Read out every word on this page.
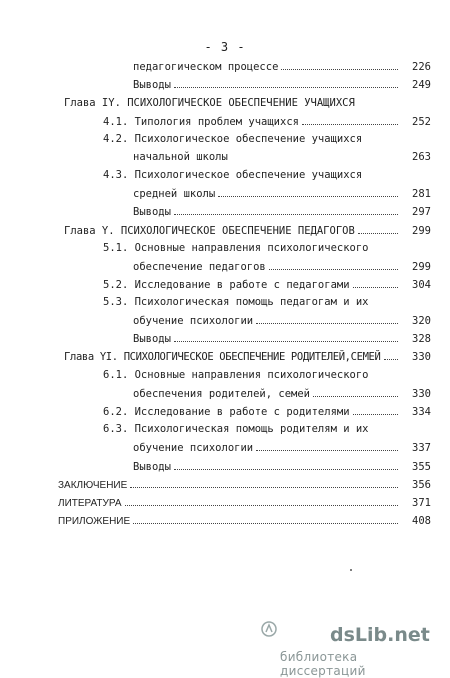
- 3 -
педагогическом процессе	226
Выводы	249
Глава IY. ПСИХОЛОГИЧЕСКОЕ ОБЕСПЕЧЕНИЕ УЧАЩИХСЯ
4.1. Типология проблем учащихся	252
4.2. Психологическое обеспечение учащихся
начальной школы	263
4.3. Психологическое обеспечение учащихся
средней школы	281
Выводы	297
Глава Y. ПСИХОЛОГИЧЕСКОЕ ОБЕСПЕЧЕНИЕ ПЕДАГОГОВ	299
5.1. Основные направления психологического
обеспечение педагогов	299
5.2. Исследование в работе с педагогами	304
5.3. Психологическая помощь педагогам и их
обучение психологии	320
Выводы	328
Глава YI. ПСИХОЛОГИЧЕСКОЕ ОБЕСПЕЧЕНИЕ РОДИТЕЛЕЙ,СЕМЕЙ	330
6.1. Основные направления психологического
обеспечения родителей, семей	330
6.2. Исследование в работе с родителями	334
6.3. Психологическая помощь родителям и их
обучение психологии	337
Выводы	355
ЗАКЛЮЧЕНИЕ	356
ЛИТЕРАТУРА	371
ПРИЛОЖЕНИЕ	408
dsLib.net
библиотека диссертаций
